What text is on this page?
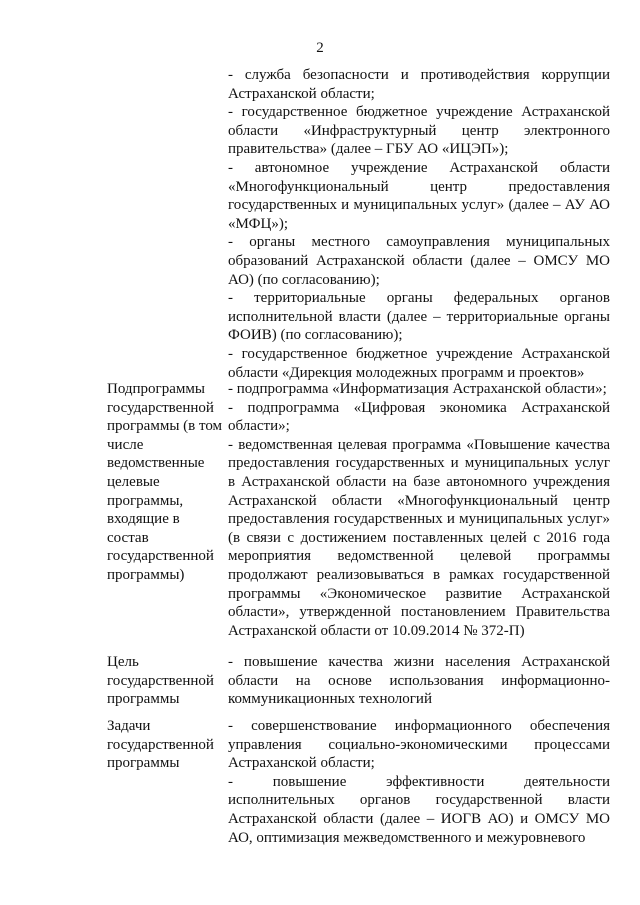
2

- служба безопасности и противодействия коррупции Астраханской области;

- государственное бюджетное учреждение Астраханской области «Инфраструктурный центр электронного правительства» (далее – ГБУ АО «ИЦЭП»);

- автономное учреждение Астраханской области «Многофункциональный центр предоставления государственных и муниципальных услуг» (далее – АУ АО «МФЦ»);

- органы местного самоуправления муниципальных образований Астраханской области (далее – ОМСУ МО АО) (по согласованию);

- территориальные органы федеральных органов исполнительной власти (далее – территориальные органы ФОИВ) (по согласованию);

- государственное бюджетное учреждение Астраханской области «Дирекция молодежных программ и проектов»

Подпрограммы государственной программы (в том числе ведомственные целевые программы, входящие в состав государственной программы)

- подпрограмма «Информатизация Астраханской области»;

- подпрограмма «Цифровая экономика Астраханской области»;

- ведомственная целевая программа «Повышение качества предоставления государственных и муниципальных услуг в Астраханской области на базе автономного учреждения Астраханской области «Многофункциональный центр предоставления государственных и муниципальных услуг» (в связи с достижением поставленных целей с 2016 года мероприятия ведомственной целевой программы продолжают реализовываться в рамках государственной программы «Экономическое развитие Астраханской области», утвержденной постановлением Правительства Астраханской области от 10.09.2014 № 372-П)

Цель государственной программы

- повышение качества жизни населения Астраханской области на основе использования информационно-коммуникационных технологий

Задачи государственной программы

- совершенствование информационного обеспечения управления социально-экономическими процессами Астраханской области;

- повышение эффективности деятельности исполнительных органов государственной власти Астраханской области (далее – ИОГВ АО) и ОМСУ МО АО, оптимизация межведомственного и межуровневого
